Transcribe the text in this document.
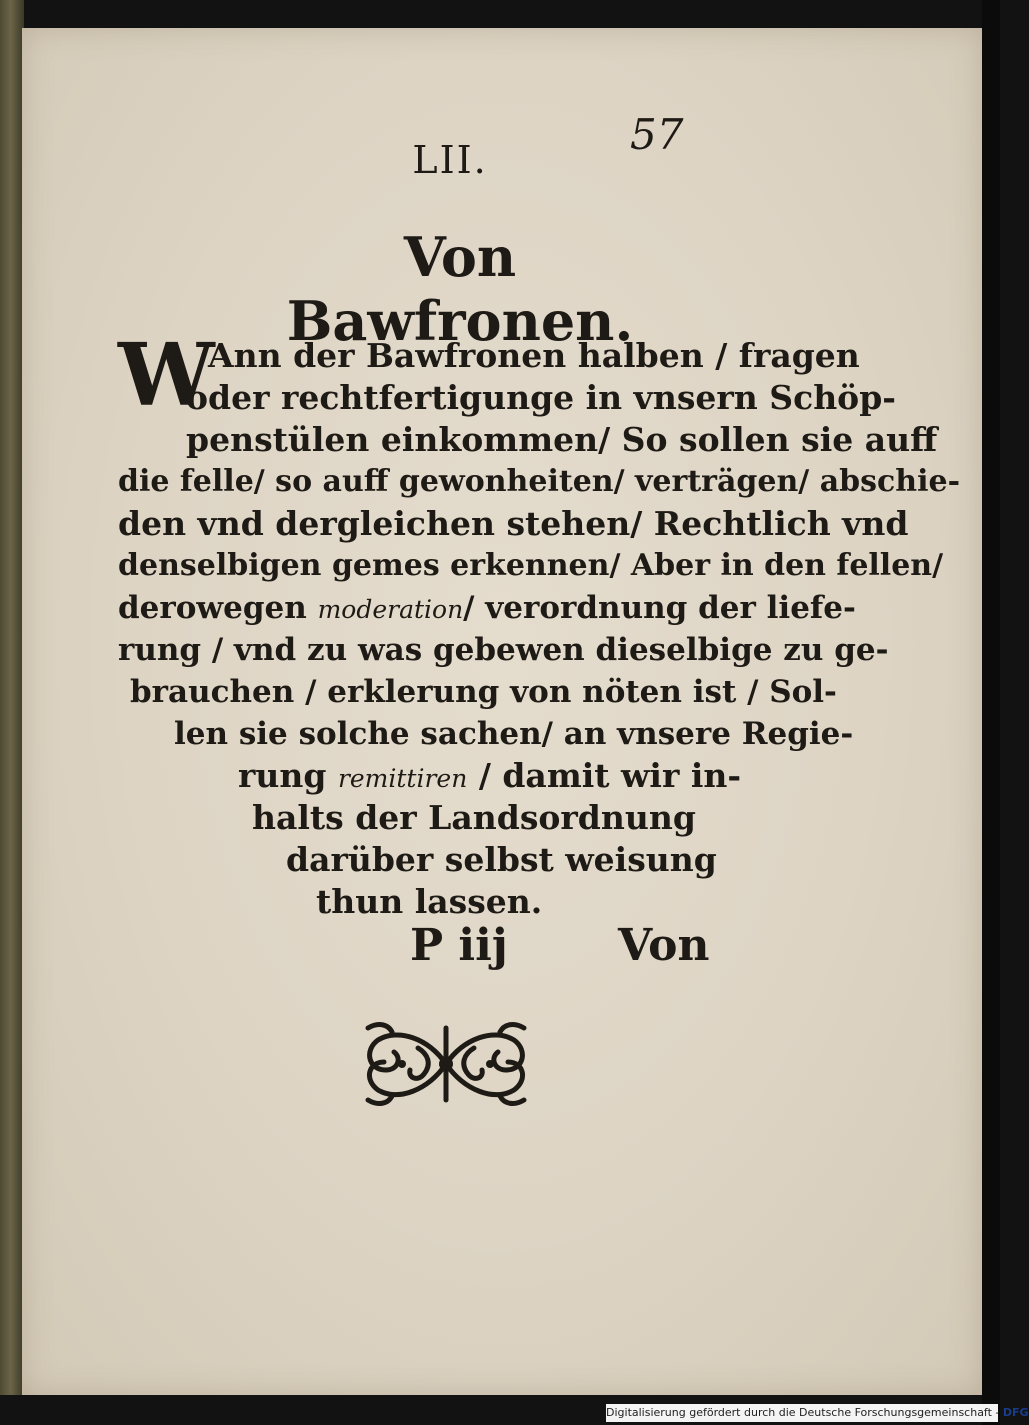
57
LII.
Von Bawfronen.
W
Ann der Bawfronen halben / fragen
oder rechtfertigunge in vnsern Schöp-
penstülen einkommen/ So sollen sie auff
die felle/ so auff gewonheiten/ verträgen/ abschie-
den vnd dergleichen stehen/ Rechtlich vnd
denselbigen gemes erkennen/ Aber in den fellen/
derowegen moderation/ verordnung der liefe-
rung / vnd zu was gebewen dieselbige zu ge-
brauchen / erklerung von nöten ist / Sol-
len sie solche sachen/ an vnsere Regie-
rung remittiren / damit wir in-
halts der Landsordnung
darüber selbst weisung
thun lassen.
P iij	Von
Digitalisierung gefördert durch die Deutsche Forschungsgemeinschaft - DFG
